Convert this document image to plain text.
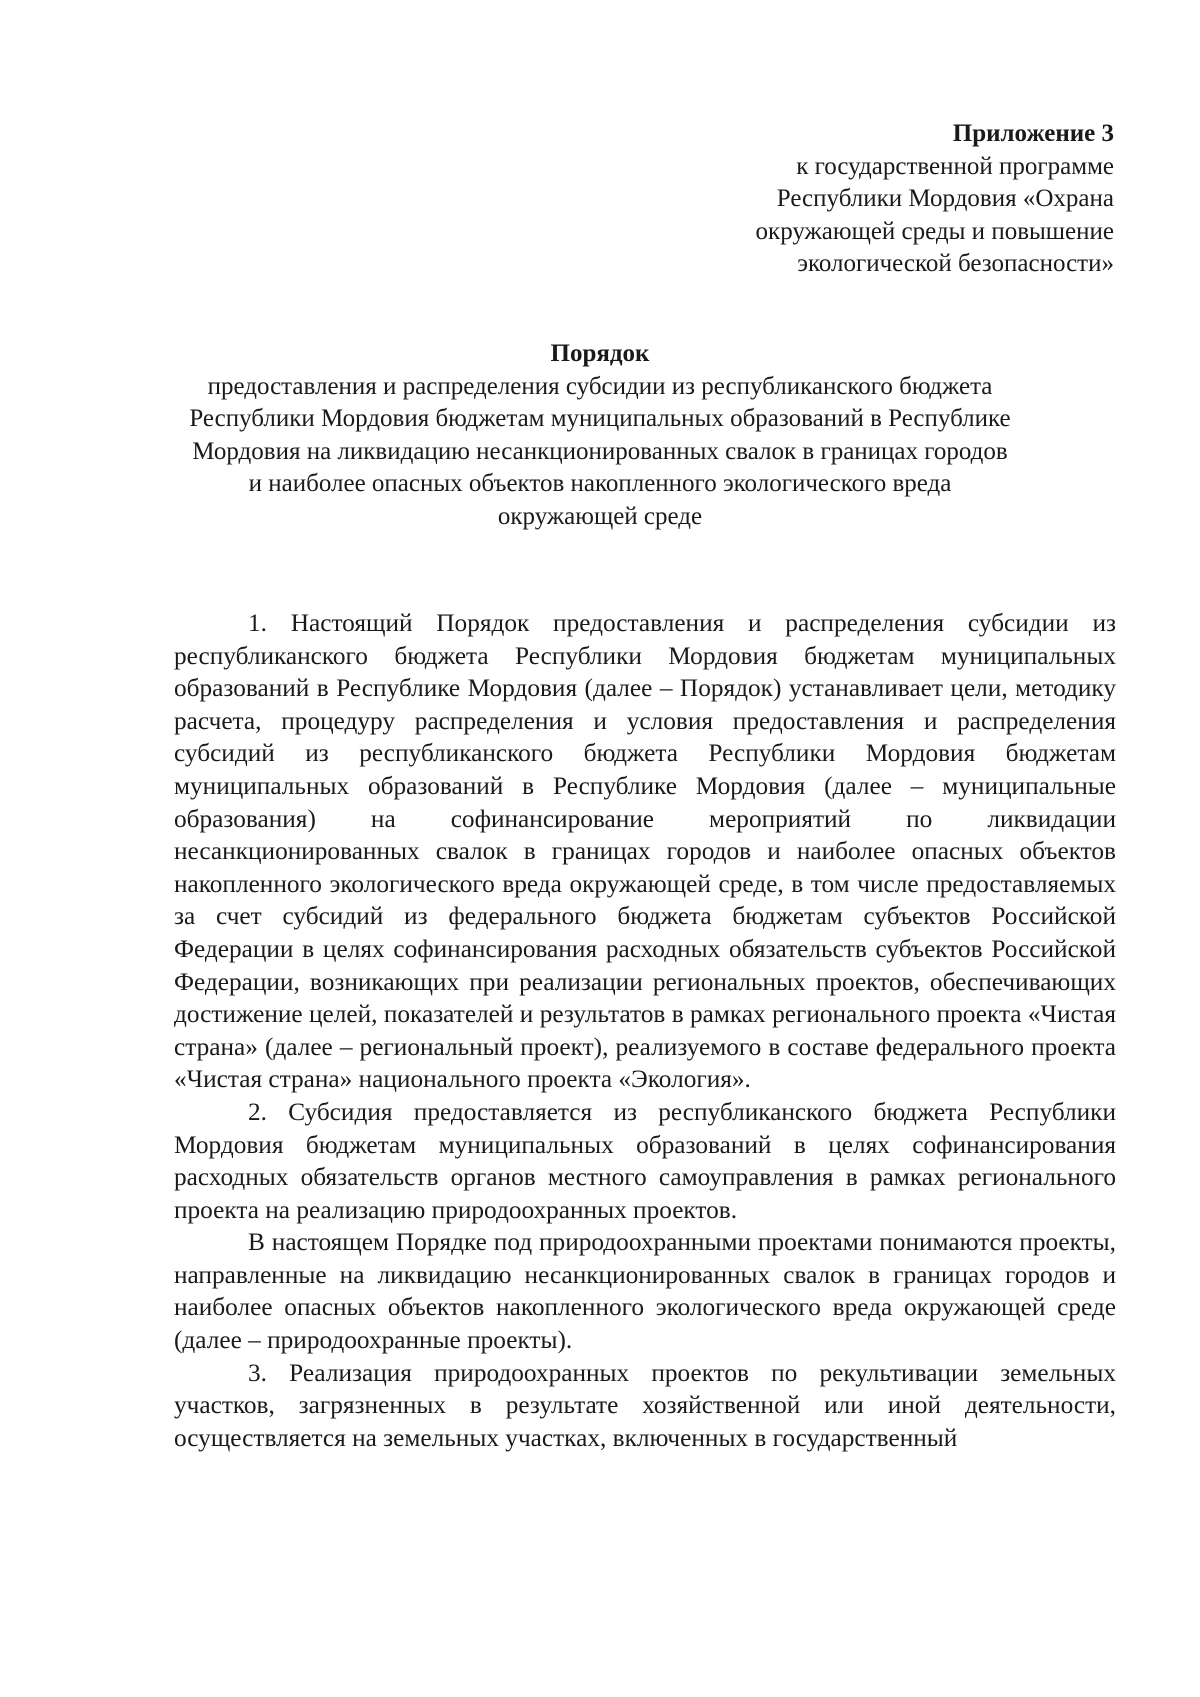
Приложение 3
к государственной программе
Республики Мордовия «Охрана
окружающей среды и повышение
экологической безопасности»
Порядок
предоставления и распределения субсидии из республиканского бюджета
Республики Мордовия бюджетам муниципальных образований в Республике
Мордовия на ликвидацию несанкционированных свалок в границах городов
и наиболее опасных объектов накопленного экологического вреда
окружающей среде

1. Настоящий Порядок предоставления и распределения субсидии из республиканского бюджета Республики Мордовия бюджетам муниципальных образований в Республике Мордовия (далее – Порядок) устанавливает цели, методику расчета, процедуру распределения и условия предоставления и распределения субсидий из республиканского бюджета Республики Мордовия бюджетам муниципальных образований в Республике Мордовия (далее – муниципальные образования) на софинансирование мероприятий по ликвидации несанкционированных свалок в границах городов и наиболее опасных объектов накопленного экологического вреда окружающей среде, в том числе предоставляемых за счет субсидий из федерального бюджета бюджетам субъектов Российской Федерации в целях софинансирования расходных обязательств субъектов Российской Федерации, возникающих при реализации региональных проектов, обеспечивающих достижение целей, показателей и результатов в рамках регионального проекта «Чистая страна» (далее – региональный проект), реализуемого в составе федерального проекта «Чистая страна» национального проекта «Экология».

2. Субсидия предоставляется из республиканского бюджета Республики Мордовия бюджетам муниципальных образований в целях софинансирования расходных обязательств органов местного самоуправления в рамках регионального проекта на реализацию природоохранных проектов.

В настоящем Порядке под природоохранными проектами понимаются проекты, направленные на ликвидацию несанкционированных свалок в границах городов и наиболее опасных объектов накопленного экологического вреда окружающей среде (далее – природоохранные проекты).

3. Реализация природоохранных проектов по рекультивации земельных участков, загрязненных в результате хозяйственной или иной деятельности, осуществляется на земельных участках, включенных в государственный
